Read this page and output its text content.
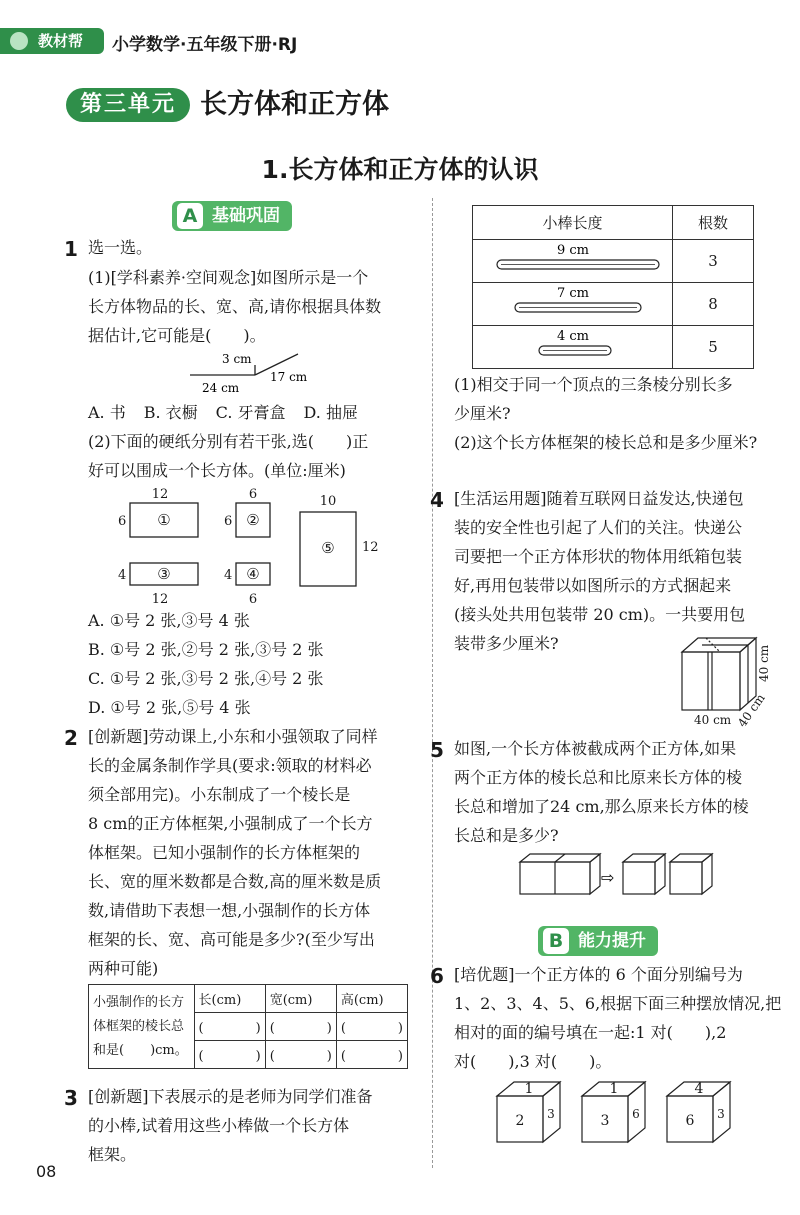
教材帮	小学数学·五年级下册·RJ
第三单元 长方体和正方体
1.长方体和正方体的认识
A 基础巩固
1 选一选。
(1)[学科素养·空间观念]如图所示是一个
长方体物品的长、宽、高,请你根据具体数
据估计,它可能是(　　)。
3 cm
17 cm
24 cm
A. 书 B. 衣橱 C. 牙膏盒 D. 抽屉
(2)下面的硬纸分别有若干张,选(　　)正
好可以围成一个长方体。(单位:厘米)
12
6 ①
6
6 ②
4 ③
12
4 ④
6
10
12
⑤
A. ①号 2 张,③号 4 张
B. ①号 2 张,②号 2 张,③号 2 张
C. ①号 2 张,③号 2 张,④号 2 张
D. ①号 2 张,⑤号 4 张
2 [创新题]劳动课上,小东和小强领取了同样
长的金属条制作学具(要求:领取的材料必
须全部用完)。小东制成了一个棱长是
8 cm的正方体框架,小强制成了一个长方
体框架。已知小强制作的长方体框架的
长、宽的厘米数都是合数,高的厘米数是质
数,请借助下表想一想,小强制作的长方体
框架的长、宽、高可能是多少?(至少写出
两种可能)
小强制作的长方
体框架的棱长总
和是(　　)cm。	长(cm)	宽(cm)	高(cm)
	(　　　　)	(　　　　)	(　　　　)
	(　　　　)	(　　　　)	(　　　　)
3 [创新题]下表展示的是老师为同学们准备
的小棒,试着用这些小棒做一个长方体
框架。
小棒长度	根数

9 cm	3

7 cm	8

4 cm	5
(1)相交于同一个顶点的三条棱分别长多
少厘米?
(2)这个长方体框架的棱长总和是多少厘米?
4 [生活运用题]随着互联网日益发达,快递包
装的安全性也引起了人们的关注。快递公
司要把一个正方体形状的物体用纸箱包装
好,再用包装带以如图所示的方式捆起来
(接头处共用包装带 20 cm)。一共要用包
装带多少厘米?
40 cm
40 cm
40 cm
5 如图,一个长方体被截成两个正方体,如果
两个正方体的棱长总和比原来长方体的棱
长总和增加了24 cm,那么原来长方体的棱
长总和是多少?
⇨
B 能力提升
6 [培优题]一个正方体的 6 个面分别编号为
1、2、3、4、5、6,根据下面三种摆放情况,把
相对的面的编号填在一起:1 对(　　),2
对(　　),3 对(　　)。
1
2 3
1
3 6
4
6 3
08
